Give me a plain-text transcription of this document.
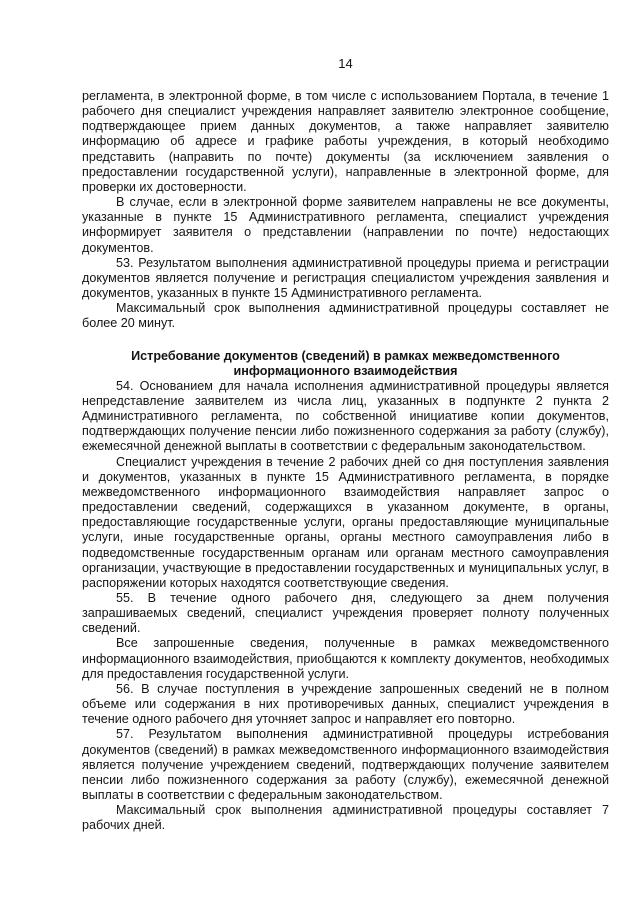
14

регламента, в электронной форме, в том числе с использованием Портала, в течение 1 рабочего дня специалист учреждения направляет заявителю электронное сообщение, подтверждающее прием данных документов, а также направляет заявителю информацию об адресе и графике работы учреждения, в который необходимо представить (направить по почте) документы (за исключением заявления о предоставлении государственной услуги), направленные в электронной форме, для проверки их достоверности.

В случае, если в электронной форме заявителем направлены не все документы, указанные в пункте 15 Административного регламента, специалист учреждения информирует заявителя о представлении (направлении по почте) недостающих документов.

53. Результатом выполнения административной процедуры приема и регистрации документов является получение и регистрация специалистом учреждения заявления и документов, указанных в пункте 15 Административного регламента.

Максимальный срок выполнения административной процедуры составляет не более 20 минут.

Истребование документов (сведений) в рамках межведомственного информационного взаимодействия

54. Основанием для начала исполнения административной процедуры является непредставление заявителем из числа лиц, указанных в подпункте 2 пункта 2 Административного регламента, по собственной инициативе копии документов, подтверждающих получение пенсии либо пожизненного содержания за работу (службу), ежемесячной денежной выплаты в соответствии с федеральным законодательством.

Специалист учреждения в течение 2 рабочих дней со дня поступления заявления и документов, указанных в пункте 15 Административного регламента, в порядке межведомственного информационного взаимодействия направляет запрос о предоставлении сведений, содержащихся в указанном документе, в органы, предоставляющие государственные услуги, органы предоставляющие муниципальные услуги, иные государственные органы, органы местного самоуправления либо в подведомственные государственным органам или органам местного самоуправления организации, участвующие в предоставлении государственных и муниципальных услуг, в распоряжении которых находятся соответствующие сведения.

55. В течение одного рабочего дня, следующего за днем получения запрашиваемых сведений, специалист учреждения проверяет полноту полученных сведений.

Все запрошенные сведения, полученные в рамках межведомственного информационного взаимодействия, приобщаются к комплекту документов, необходимых для предоставления государственной услуги.

56. В случае поступления в учреждение запрошенных сведений не в полном объеме или содержания в них противоречивых данных, специалист учреждения в течение одного рабочего дня уточняет запрос и направляет его повторно.

57. Результатом выполнения административной процедуры истребования документов (сведений) в рамках межведомственного информационного взаимодействия является получение учреждением сведений, подтверждающих получение заявителем пенсии либо пожизненного содержания за работу (службу), ежемесячной денежной выплаты в соответствии с федеральным законодательством.

Максимальный срок выполнения административной процедуры составляет 7 рабочих дней.
